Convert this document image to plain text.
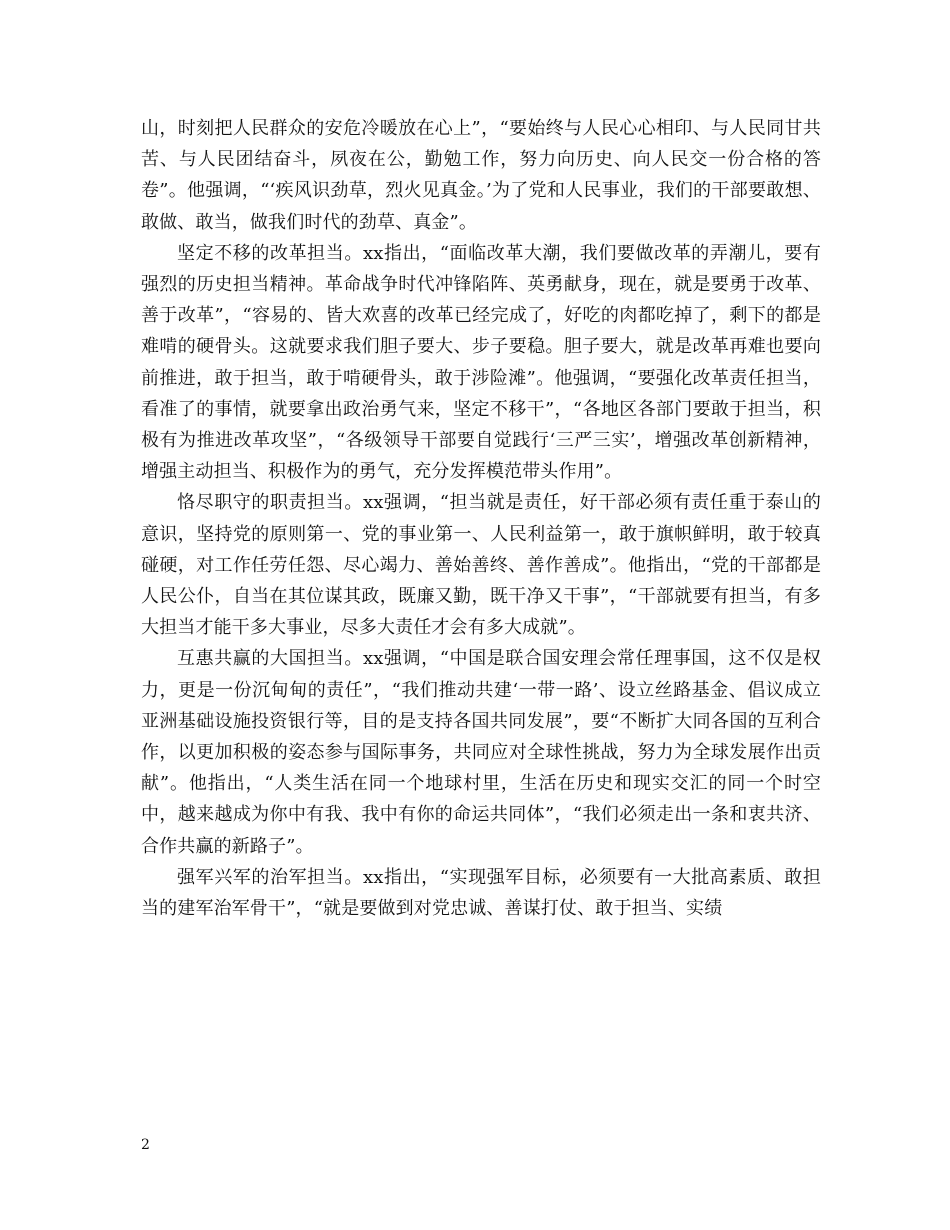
山，时刻把人民群众的安危冷暖放在心上”，“要始终与人民心心相印、与人民同甘共苦、与人民团结奋斗，夙夜在公，勤勉工作，努力向历史、向人民交一份合格的答卷”。他强调，“‘疾风识劲草，烈火见真金。’为了党和人民事业，我们的干部要敢想、敢做、敢当，做我们时代的劲草、真金”。

坚定不移的改革担当。xx指出，“面临改革大潮，我们要做改革的弄潮儿，要有强烈的历史担当精神。革命战争时代冲锋陷阵、英勇献身，现在，就是要勇于改革、善于改革”，“容易的、皆大欢喜的改革已经完成了，好吃的肉都吃掉了，剩下的都是难啃的硬骨头。这就要求我们胆子要大、步子要稳。胆子要大，就是改革再难也要向前推进，敢于担当，敢于啃硬骨头，敢于涉险滩”。他强调，“要强化改革责任担当，看准了的事情，就要拿出政治勇气来，坚定不移干”，“各地区各部门要敢于担当，积极有为推进改革攻坚”，“各级领导干部要自觉践行‘三严三实’，增强改革创新精神，增强主动担当、积极作为的勇气，充分发挥模范带头作用”。

恪尽职守的职责担当。xx强调，“担当就是责任，好干部必须有责任重于泰山的意识，坚持党的原则第一、党的事业第一、人民利益第一，敢于旗帜鲜明，敢于较真碰硬，对工作任劳任怨、尽心竭力、善始善终、善作善成”。他指出，“党的干部都是人民公仆，自当在其位谋其政，既廉又勤，既干净又干事”，“干部就要有担当，有多大担当才能干多大事业，尽多大责任才会有多大成就”。

互惠共赢的大国担当。xx强调，“中国是联合国安理会常任理事国，这不仅是权力，更是一份沉甸甸的责任”，“我们推动共建‘一带一路’、设立丝路基金、倡议成立亚洲基础设施投资银行等，目的是支持各国共同发展”，要“不断扩大同各国的互利合作，以更加积极的姿态参与国际事务，共同应对全球性挑战，努力为全球发展作出贡献”。他指出，“人类生活在同一个地球村里，生活在历史和现实交汇的同一个时空中，越来越成为你中有我、我中有你的命运共同体”，“我们必须走出一条和衷共济、合作共赢的新路子”。

强军兴军的治军担当。xx指出，“实现强军目标，必须要有一大批高素质、敢担当的建军治军骨干”，“就是要做到对党忠诚、善谋打仗、敢于担当、实绩

2
